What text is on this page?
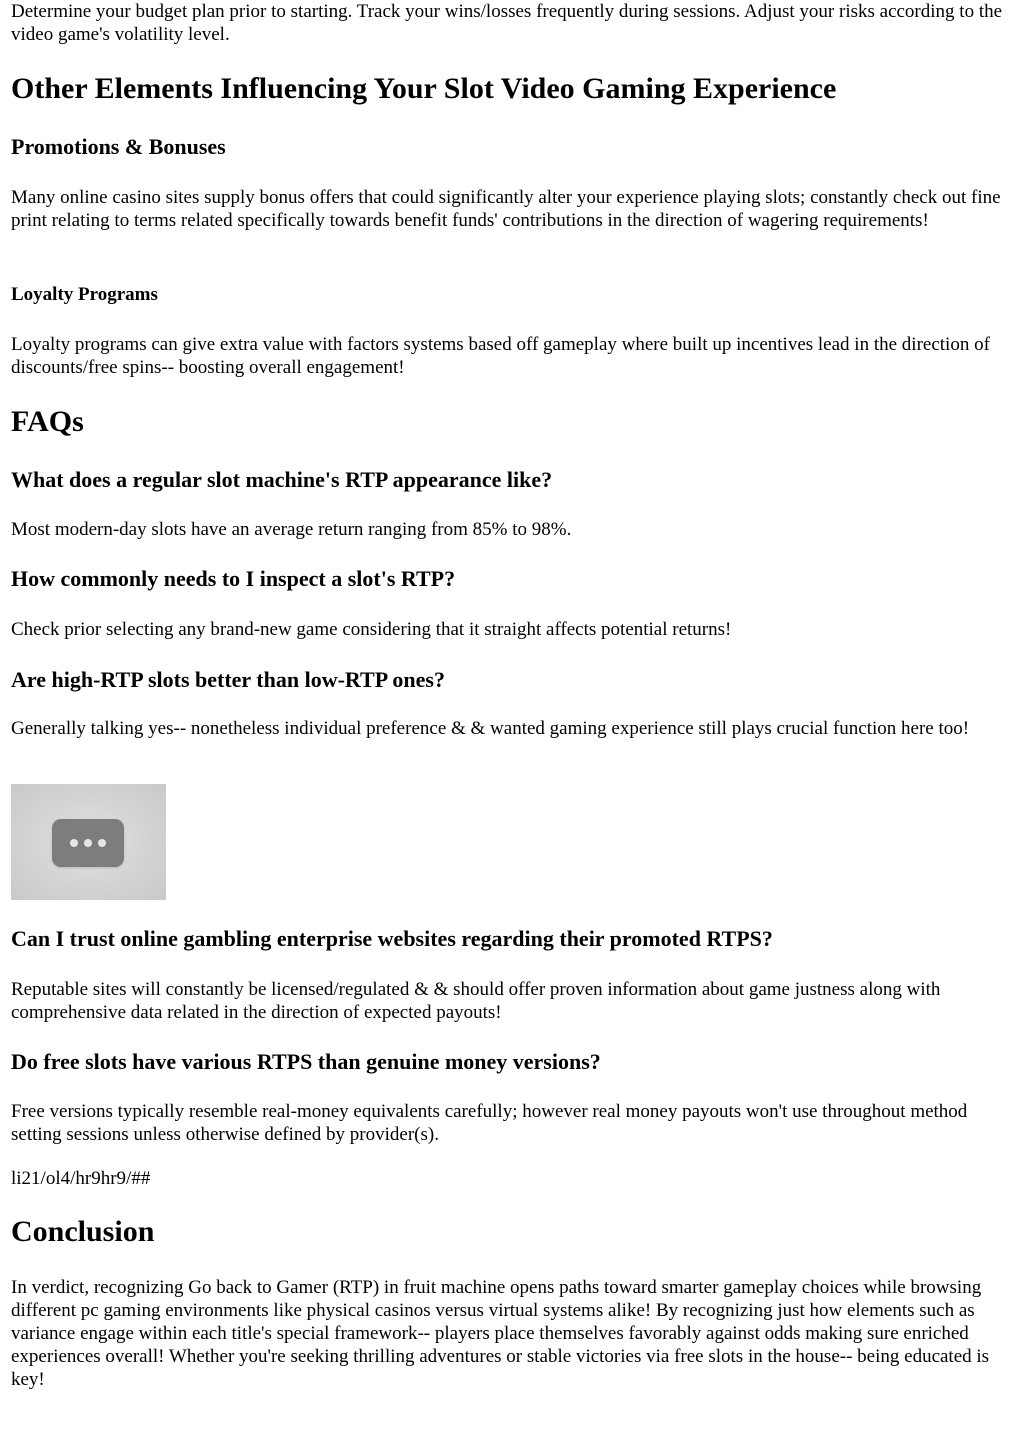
Determine your budget plan prior to starting. Track your wins/losses frequently during sessions. Adjust your risks according to the video game's volatility level.

Other Elements Influencing Your Slot Video Gaming Experience
Promotions & Bonuses

Many online casino sites supply bonus offers that could significantly alter your experience playing slots; constantly check out fine print relating to terms related specifically towards benefit funds' contributions in the direction of wagering requirements!

Loyalty Programs

Loyalty programs can give extra value with factors systems based off gameplay where built up incentives lead in the direction of discounts/free spins-- boosting overall engagement!

FAQs
What does a regular slot machine's RTP appearance like?

Most modern-day slots have an average return ranging from 85% to 98%.

How commonly needs to I inspect a slot's RTP?

Check prior selecting any brand-new game considering that it straight affects potential returns!

Are high-RTP slots better than low-RTP ones?

Generally talking yes-- nonetheless individual preference & & wanted gaming experience still plays crucial function here too!

Can I trust online gambling enterprise websites regarding their promoted RTPS?

Reputable sites will constantly be licensed/regulated & & should offer proven information about game justness along with comprehensive data related in the direction of expected payouts!

Do free slots have various RTPS than genuine money versions?

Free versions typically resemble real-money equivalents carefully; however real money payouts won't use throughout method setting sessions unless otherwise defined by provider(s).

li21/ol4/hr9hr9/##

Conclusion

In verdict, recognizing Go back to Gamer (RTP) in fruit machine opens paths toward smarter gameplay choices while browsing different pc gaming environments like physical casinos versus virtual systems alike! By recognizing just how elements such as variance engage within each title's special framework-- players place themselves favorably against odds making sure enriched experiences overall! Whether you're seeking thrilling adventures or stable victories via free slots in the house-- being educated is key!
